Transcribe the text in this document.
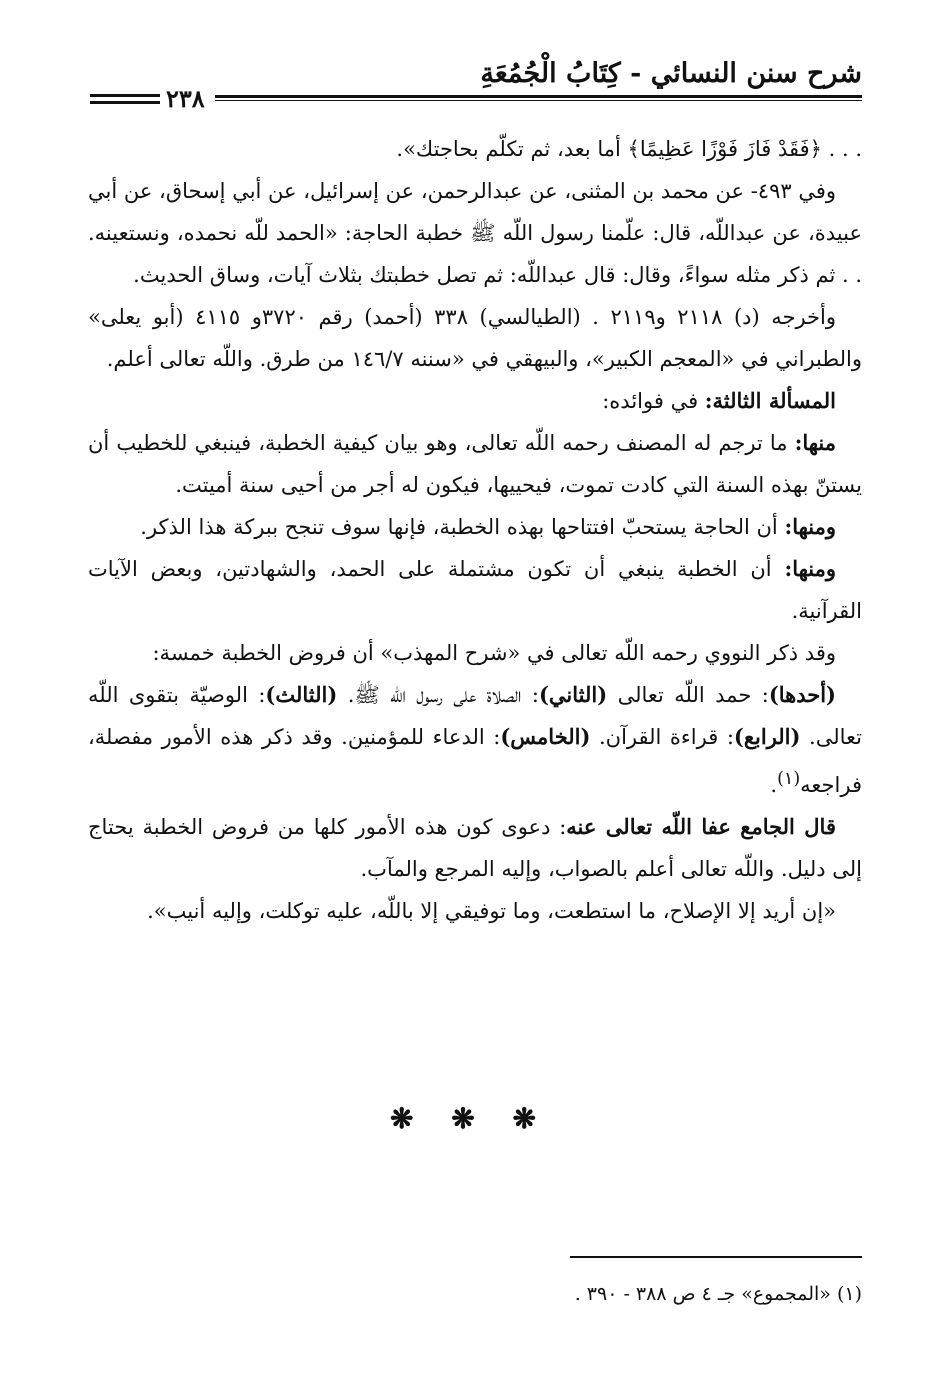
شرح سنن النسائي - كِتَابُ الْجُمُعَةِ
٢٣٨

. . . ﴿فَقَدْ فَازَ فَوْزًا عَظِيمًا﴾ أما بعد، ثم تكلّم بحاجتك».

وفي ٤٩٣- عن محمد بن المثنى، عن عبدالرحمن، عن إسرائيل، عن أبي إسحاق، عن أبي عبيدة، عن عبداللّه، قال: علّمنا رسول اللّه ﷺ خطبة الحاجة: «الحمد للّه نحمده، ونستعينه. . . ثم ذكر مثله سواءً، وقال: قال عبداللّه: ثم تصل خطبتك بثلاث آيات، وساق الحديث.

وأخرجه (د) ٢١١٨ و٢١١٩ . (الطيالسي) ٣٣٨ (أحمد) رقم ٣٧٢٠و ٤١١٥ (أبو يعلى» والطبراني في «المعجم الكبير»، والبيهقي في «سننه ١٤٦/٧ من طرق. واللّه تعالى أعلم.

المسألة الثالثة: في فوائده:

منها: ما ترجم له المصنف رحمه اللّه تعالى، وهو بيان كيفية الخطبة، فينبغي للخطيب أن يستنّ بهذه السنة التي كادت تموت، فيحييها، فيكون له أجر من أحيى سنة أميتت.

ومنها: أن الحاجة يستحبّ افتتاحها بهذه الخطبة، فإنها سوف تنجح ببركة هذا الذكر.

ومنها: أن الخطبة ينبغي أن تكون مشتملة على الحمد، والشهادتين، وبعض الآيات القرآنية.

وقد ذكر النووي رحمه اللّه تعالى في «شرح المهذب» أن فروض الخطبة خمسة:

(أحدها): حمد اللّه تعالى (الثاني): الصلاة على رسول اللّه ﷺ. (الثالث): الوصيّة بتقوى اللّه تعالى. (الرابع): قراءة القرآن. (الخامس): الدعاء للمؤمنين. وقد ذكر هذه الأمور مفصلة، فراجعه$^{(١)}$.

قال الجامع عفا اللّه تعالى عنه: دعوى كون هذه الأمور كلها من فروض الخطبة يحتاج إلى دليل. واللّه تعالى أعلم بالصواب، وإليه المرجع والمآب.

«إن أريد إلا الإصلاح، ما استطعت، وما توفيقي إلا باللّه، عليه توكلت، وإليه أنيب».

❋ ❋ ❋
(١) «المجموع» جـ ٤ ص ٣٨٨ - ٣٩٠ .
